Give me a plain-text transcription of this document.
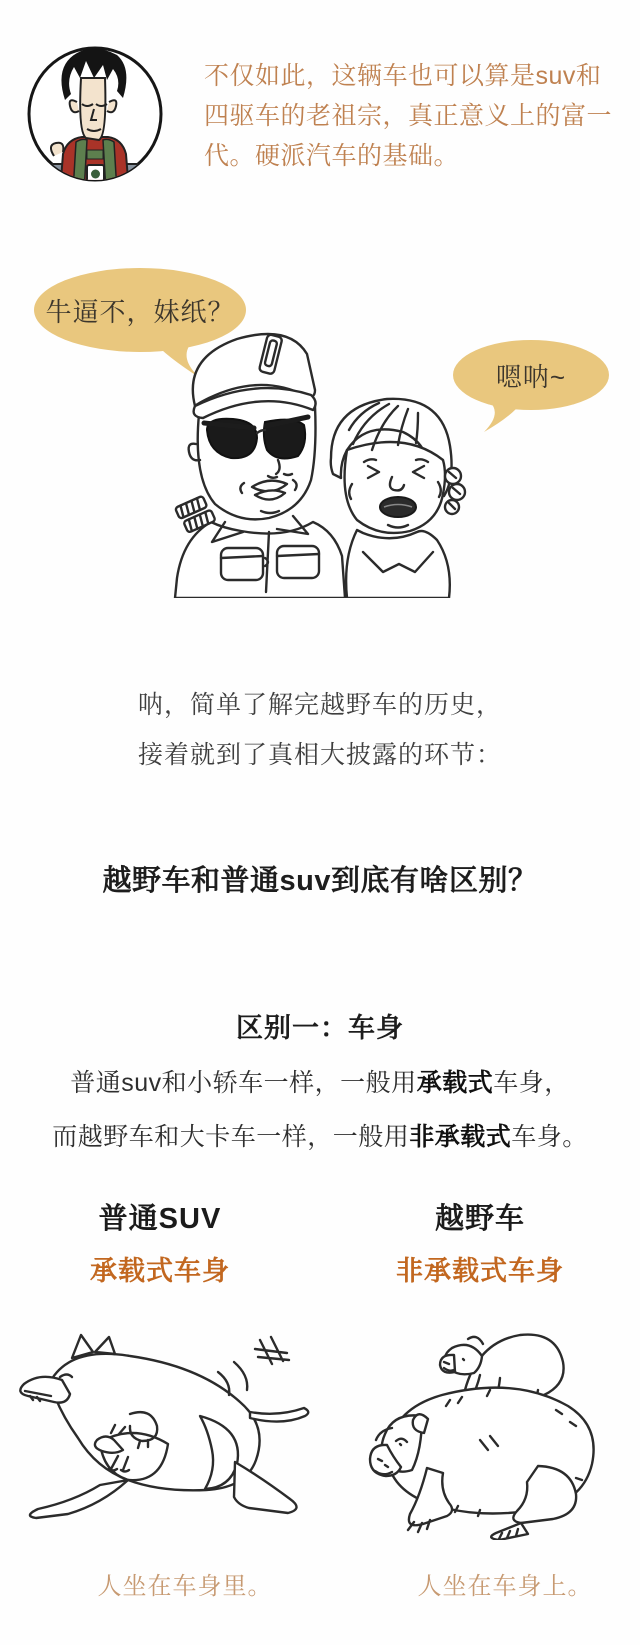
不仅如此，这辆车也可以算是suv和
四驱车的老祖宗，真正意义上的富一
代。硬派汽车的基础。
牛逼不，妹纸？
嗯呐~
呐，简单了解完越野车的历史，
接着就到了真相大披露的环节：
越野车和普通suv到底有啥区别？
区别一：车身
普通suv和小轿车一样，一般用承载式车身，
而越野车和大卡车一样，一般用非承载式车身。
普通SUV
承载式车身
越野车
非承载式车身
人坐在车身里。	人坐在车身上。
